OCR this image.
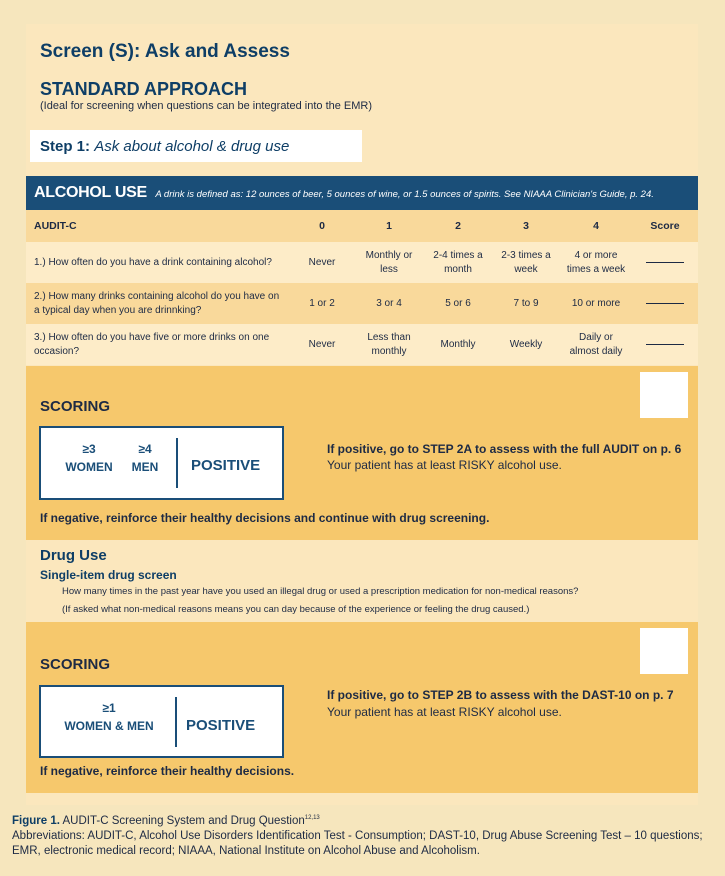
Screen (S): Ask and Assess
STANDARD APPROACH
(Ideal for screening when questions can be integrated into the EMR)
Step 1: Ask about alcohol & drug use
ALCOHOL USE A drink is defined as: 12 ounces of beer, 5 ounces of wine, or 1.5 ounces of spirits. See NIAAA Clinician's Guide, p. 24.
AUDIT-C	0	1	2	3	4	Score
1.) How often do you have a drink containing alcohol?	Never	Monthly or less	2-4 times a month	2-3 times a week	4 or more times a week	
2.) How many drinks containing alcohol do you have on a typical day when you are drinnking?	1 or 2	3 or 4	5 or 6	7 to 9	10 or more	
3.) How often do you have five or more drinks on one occasion?	Never	Less than monthly	Monthly	Weekly	Daily or almost daily	
SCORING
≥3
WOMEN
≥4
MEN	POSITIVE
If positive, go to STEP 2A to assess with the full AUDIT on p. 6
Your patient has at least RISKY alcohol use.
If negative, reinforce their healthy decisions and continue with drug screening.
Drug Use
Single-item drug screen
How many times in the past year have you used an illegal drug or used a prescription medication for non-medical reasons?
(If asked what non-medical reasons means you can day because of the experience or feeling the drug caused.)
SCORING
≥1
WOMEN & MEN	POSITIVE
If positive, go to STEP 2B to assess with the DAST-10 on p. 7
Your patient has at least RISKY alcohol use.
If negative, reinforce their healthy decisions.
Figure 1. AUDIT-C Screening System and Drug Question$^{12,13}$
Abbreviations: AUDIT-C, Alcohol Use Disorders Identification Test - Consumption; DAST-10, Drug Abuse Screening Test – 10 questions; EMR, electronic medical record; NIAAA, National Institute on Alcohol Abuse and Alcoholism.
